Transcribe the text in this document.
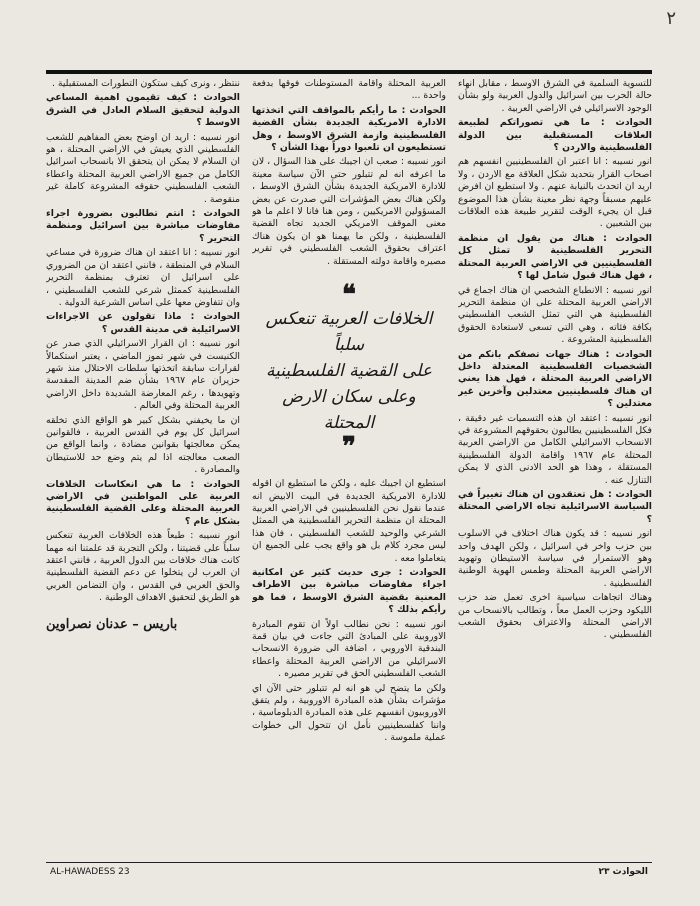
٢

للتسوية السلمية في الشرق الاوسط ، مقابل انهاء حالة الحرب بين اسرائيل والدول العربية ولو بشأن الوجود الاسرائيلي في الاراضي العربية .

الحوادث : ما هي تصوراتكم لطبيعة العلاقات المستقبلية بين الدولة الفلسطينية والاردن ؟

انور نسيبه : انا اعتبر ان الفلسطينيين انفسهم هم اصحاب القرار بتحديد شكل العلاقة مع الاردن ، ولا اريد ان اتحدث بالنيابة عنهم . ولا استطيع ان افرض عليهم مسبقاً وجهة نظر معينة بشأن هذا الموضوع قبل ان يجيء الوقت لتقرير طبيعة هذه العلاقات بين الشعبين .

الحوادث : هناك من يقول ان منظمة التحرير الفلسطينية لا تمثل كل الفلسطينيين في الاراضي العربية المحتلة ، فهل هناك قبول شامل لها ؟

انور نسيبه : الانطباع الشخصي ان هناك اجماع في الاراضي العربية المحتلة على ان منظمة التحرير الفلسطينية هي التي تمثل الشعب الفلسطيني بكافة فئاته ، وهي التي تسعى لاستعادة الحقوق الفلسطينية المشروعة .

الحوادث : هناك جهات تصفكم بانكم من الشخصيات الفلسطينية المعتدلة داخل الاراضي العربية المحتلة ، فهل هذا يعني ان هناك فلسطينيين معتدلين وآخرين غير معتدلين ؟

انور نسيبه : اعتقد ان هذه التسميات غير دقيقة ، فكل الفلسطينيين يطالبون بحقوقهم المشروعة في الانسحاب الاسرائيلي الكامل من الاراضي العربية المحتلة عام ١٩٦٧ واقامة الدولة الفلسطينية المستقلة ، وهذا هو الحد الادنى الذي لا يمكن التنازل عنه .

الحوادث : هل تعتقدون ان هناك تغييراً في السياسة الاسرائيلية تجاه الاراضي المحتلة ؟

انور نسيبه : قد يكون هناك اختلاف في الاسلوب بين حزب واخر في اسرائيل ، ولكن الهدف واحد وهو الاستمرار في سياسة الاستيطان وتهويد الاراضي العربية المحتلة وطمس الهوية الوطنية الفلسطينية .

وهناك اتجاهات سياسية اخرى تعمل ضد حزب الليكود وحزب العمل معاً ، وتطالب بالانسحاب من الاراضي المحتلة والاعتراف بحقوق الشعب الفلسطيني .

العربية المحتلة واقامة المستوطنات فوقها بدفعة واحدة ...

الحوادث : ما رأيكم بالمواقف التي اتخذتها الادارة الامريكية الجديدة بشأن القضية الفلسطينية وازمة الشرق الاوسط ، وهل تستطيعون ان تلعبوا دوراً بهذا الشأن ؟

انور نسيبه : صعب ان اجيبك على هذا السؤال ، لان ما اعرفه انه لم تتبلور حتى الآن سياسة معينة للادارة الامريكية الجديدة بشأن الشرق الاوسط ، ولكن هناك بعض المؤشرات التي صدرت عن بعض المسؤولين الامريكيين ، ومن هنا فانا لا اعلم ما هو معنى الموقف الامريكي الجديد تجاه القضية الفلسطينية ، ولكن ما يهمنا هو ان يكون هناك اعتراف بحقوق الشعب الفلسطيني في تقرير مصيره واقامة دولته المستقلة .

❝
الخلافات العربية تنعكس سلباً
على القضية الفلسطينية
وعلى سكان الارض المحتلة
❞

استطيع ان اجيبك عليه ، ولكن ما استطيع ان اقوله للادارة الامريكية الجديدة في البيت الابيض انه عندما نقول نحن الفلسطينيين في الاراضي العربية المحتلة ان منظمة التحرير الفلسطينية هي الممثل الشرعي والوحيد للشعب الفلسطيني ، فان هذا ليس مجرد كلام بل هو واقع يجب على الجميع ان يتعاملوا معه .

الحوادث : جرى حديث كثير عن امكانية اجراء مفاوضات مباشرة بين الاطراف المعنية بقضية الشرق الاوسط ، فما هو رأيكم بذلك ؟

انور نسيبه : نحن نطالب اولاً ان تقوم المبادرة الاوروبية على المبادئ التي جاءت في بيان قمة البندقية الاوروبي ، اضافة الى ضرورة الانسحاب الاسرائيلي من الاراضي العربية المحتلة واعطاء الشعب الفلسطيني الحق في تقرير مصيره .

ولكن ما يتضح لي هو انه لم تتبلور حتى الآن اي مؤشرات بشأن هذه المبادرة الاوروبية ، ولم يتفق الاوروبيون انفسهم على هذه المبادرة الدبلوماسية ، واننا كفلسطينيين نأمل ان تتحول الى خطوات عملية ملموسة .

ننتظر ، ونرى كيف ستكون التطورات المستقبلية .

الحوادث : كيف تقيمون اهمية المساعي الدولية لتحقيق السلام العادل في الشرق الاوسط ؟

انور نسيبه : اريد ان اوضح بعض المفاهيم للشعب الفلسطيني الذي يعيش في الاراضي المحتلة ، هو ان السلام لا يمكن ان يتحقق الا بانسحاب اسرائيل الكامل من جميع الاراضي العربية المحتلة واعطاء الشعب الفلسطيني حقوقه المشروعة كاملة غير منقوصة .

الحوادث : انتم تطالبون بضرورة اجراء مفاوضات مباشرة بين اسرائيل ومنظمة التحرير ؟

انور نسيبه : انا اعتقد ان هناك ضرورة في مساعي السلام في المنطقة ، فانني اعتقد ان من الضروري على اسرائيل ان تعترف بمنظمة التحرير الفلسطينية كممثل شرعي للشعب الفلسطيني ، وان تتفاوض معها على اساس الشرعية الدولية .

الحوادث : ماذا تقولون عن الاجراءات الاسرائيلية في مدينة القدس ؟

انور نسيبه : ان القرار الاسرائيلي الذي صدر عن الكنيست في شهر تموز الماضي ، يعتبر استكمالاً لقرارات سابقة اتخذتها سلطات الاحتلال منذ شهر حزيران عام ١٩٦٧ بشأن ضم المدينة المقدسة وتهويدها ، رغم المعارضة الشديدة داخل الاراضي العربية المحتلة وفي العالم .

ان ما يخيفني بشكل كبير هو الواقع الذي تخلقه اسرائيل كل يوم في القدس العربية ، فالقوانين يمكن معالجتها بقوانين مضادة ، وانما الواقع من الصعب معالجته اذا لم يتم وضع حد للاستيطان والمصادرة .

الحوادث : ما هي انعكاسات الخلافات العربية على المواطنين في الاراضي العربية المحتلة وعلى القضية الفلسطينية بشكل عام ؟

انور نسيبه : طبعاً هذه الخلافات العربية تنعكس سلباً على قضيتنا ، ولكن التجربة قد علمتنا انه مهما كانت هناك خلافات بين الدول العربية ، فانني اعتقد ان العرب لن يتخلوا عن دعم القضية الفلسطينية والحق العربي في القدس ، وان التضامن العربي هو الطريق لتحقيق الاهداف الوطنية .

باريس – عدنان نصراوين
AL-HAWADESS 23	الحوادث ٢٣
